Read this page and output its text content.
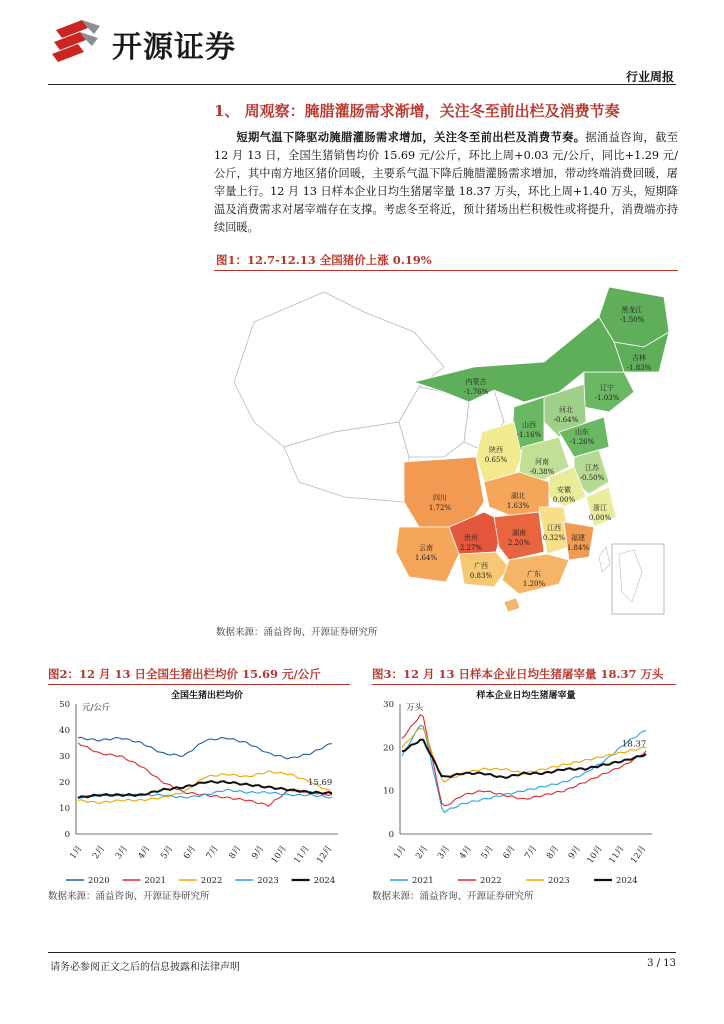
开源证券
行业周报
1、 周观察：腌腊灌肠需求渐增，关注冬至前出栏及消费节奏
短期气温下降驱动腌腊灌肠需求增加，关注冬至前出栏及消费节奏。据涌益咨询，截至 12 月 13 日，全国生猪销售均价 15.69 元/公斤，环比上周+0.03 元/公斤，同比+1.29 元/公斤，其中南方地区猪价回暖，主要系气温下降后腌腊灌肠需求增加，带动终端消费回暖，屠宰量上行。12 月 13 日样本企业日均生猪屠宰量 18.37 万头，环比上周+1.40 万头，短期降温及消费需求对屠宰端存在支撑。考虑冬至将近，预计猪场出栏积极性或将提升，消费端亦持续回暖。
图1：12.7-12.13 全国猪价上涨 0.19%
黑龙江
-1.50%
吉林
-1.83%
辽宁
-1.03%
内蒙古
-1.76%
河北
-0.64%
山西
-1.16%	山东
-1.26%
陕西
0.65%	河南
-0.38%	江苏
-0.50%
安徽
0.00%
湖北
1.63%	浙江
0.00%
四川
1.72%
贵州
2.27%
湖南
2.20%
江西
0.32% 福建
1.84%
云南
1.64%
广西
0.83%	广东
1.20%
数据来源：涌益咨询、开源证券研究所
图2：12 月 13 日全国生猪出栏均价 15.69 元/公斤
全国生猪出栏均价
元/公斤
0
10
20
30
40
50
1月 2月 3月 4月 5月 6月 7月 8月 9月 10月 11月 12月
15.69
2020	2021	2022	2023	2024
数据来源：涌益咨询、开源证券研究所
图3：12 月 13 日样本企业日均生猪屠宰量 18.37 万头
样本企业日均生猪屠宰量
万头
0
10
20
30
1月 2月 3月 4月 5月 6月 7月 8月 9月 10月 11月 12月
18.37
2021	2022	2023	2024
数据来源：涌益咨询、开源证券研究所
请务必参阅正文之后的信息披露和法律声明	3 / 13
